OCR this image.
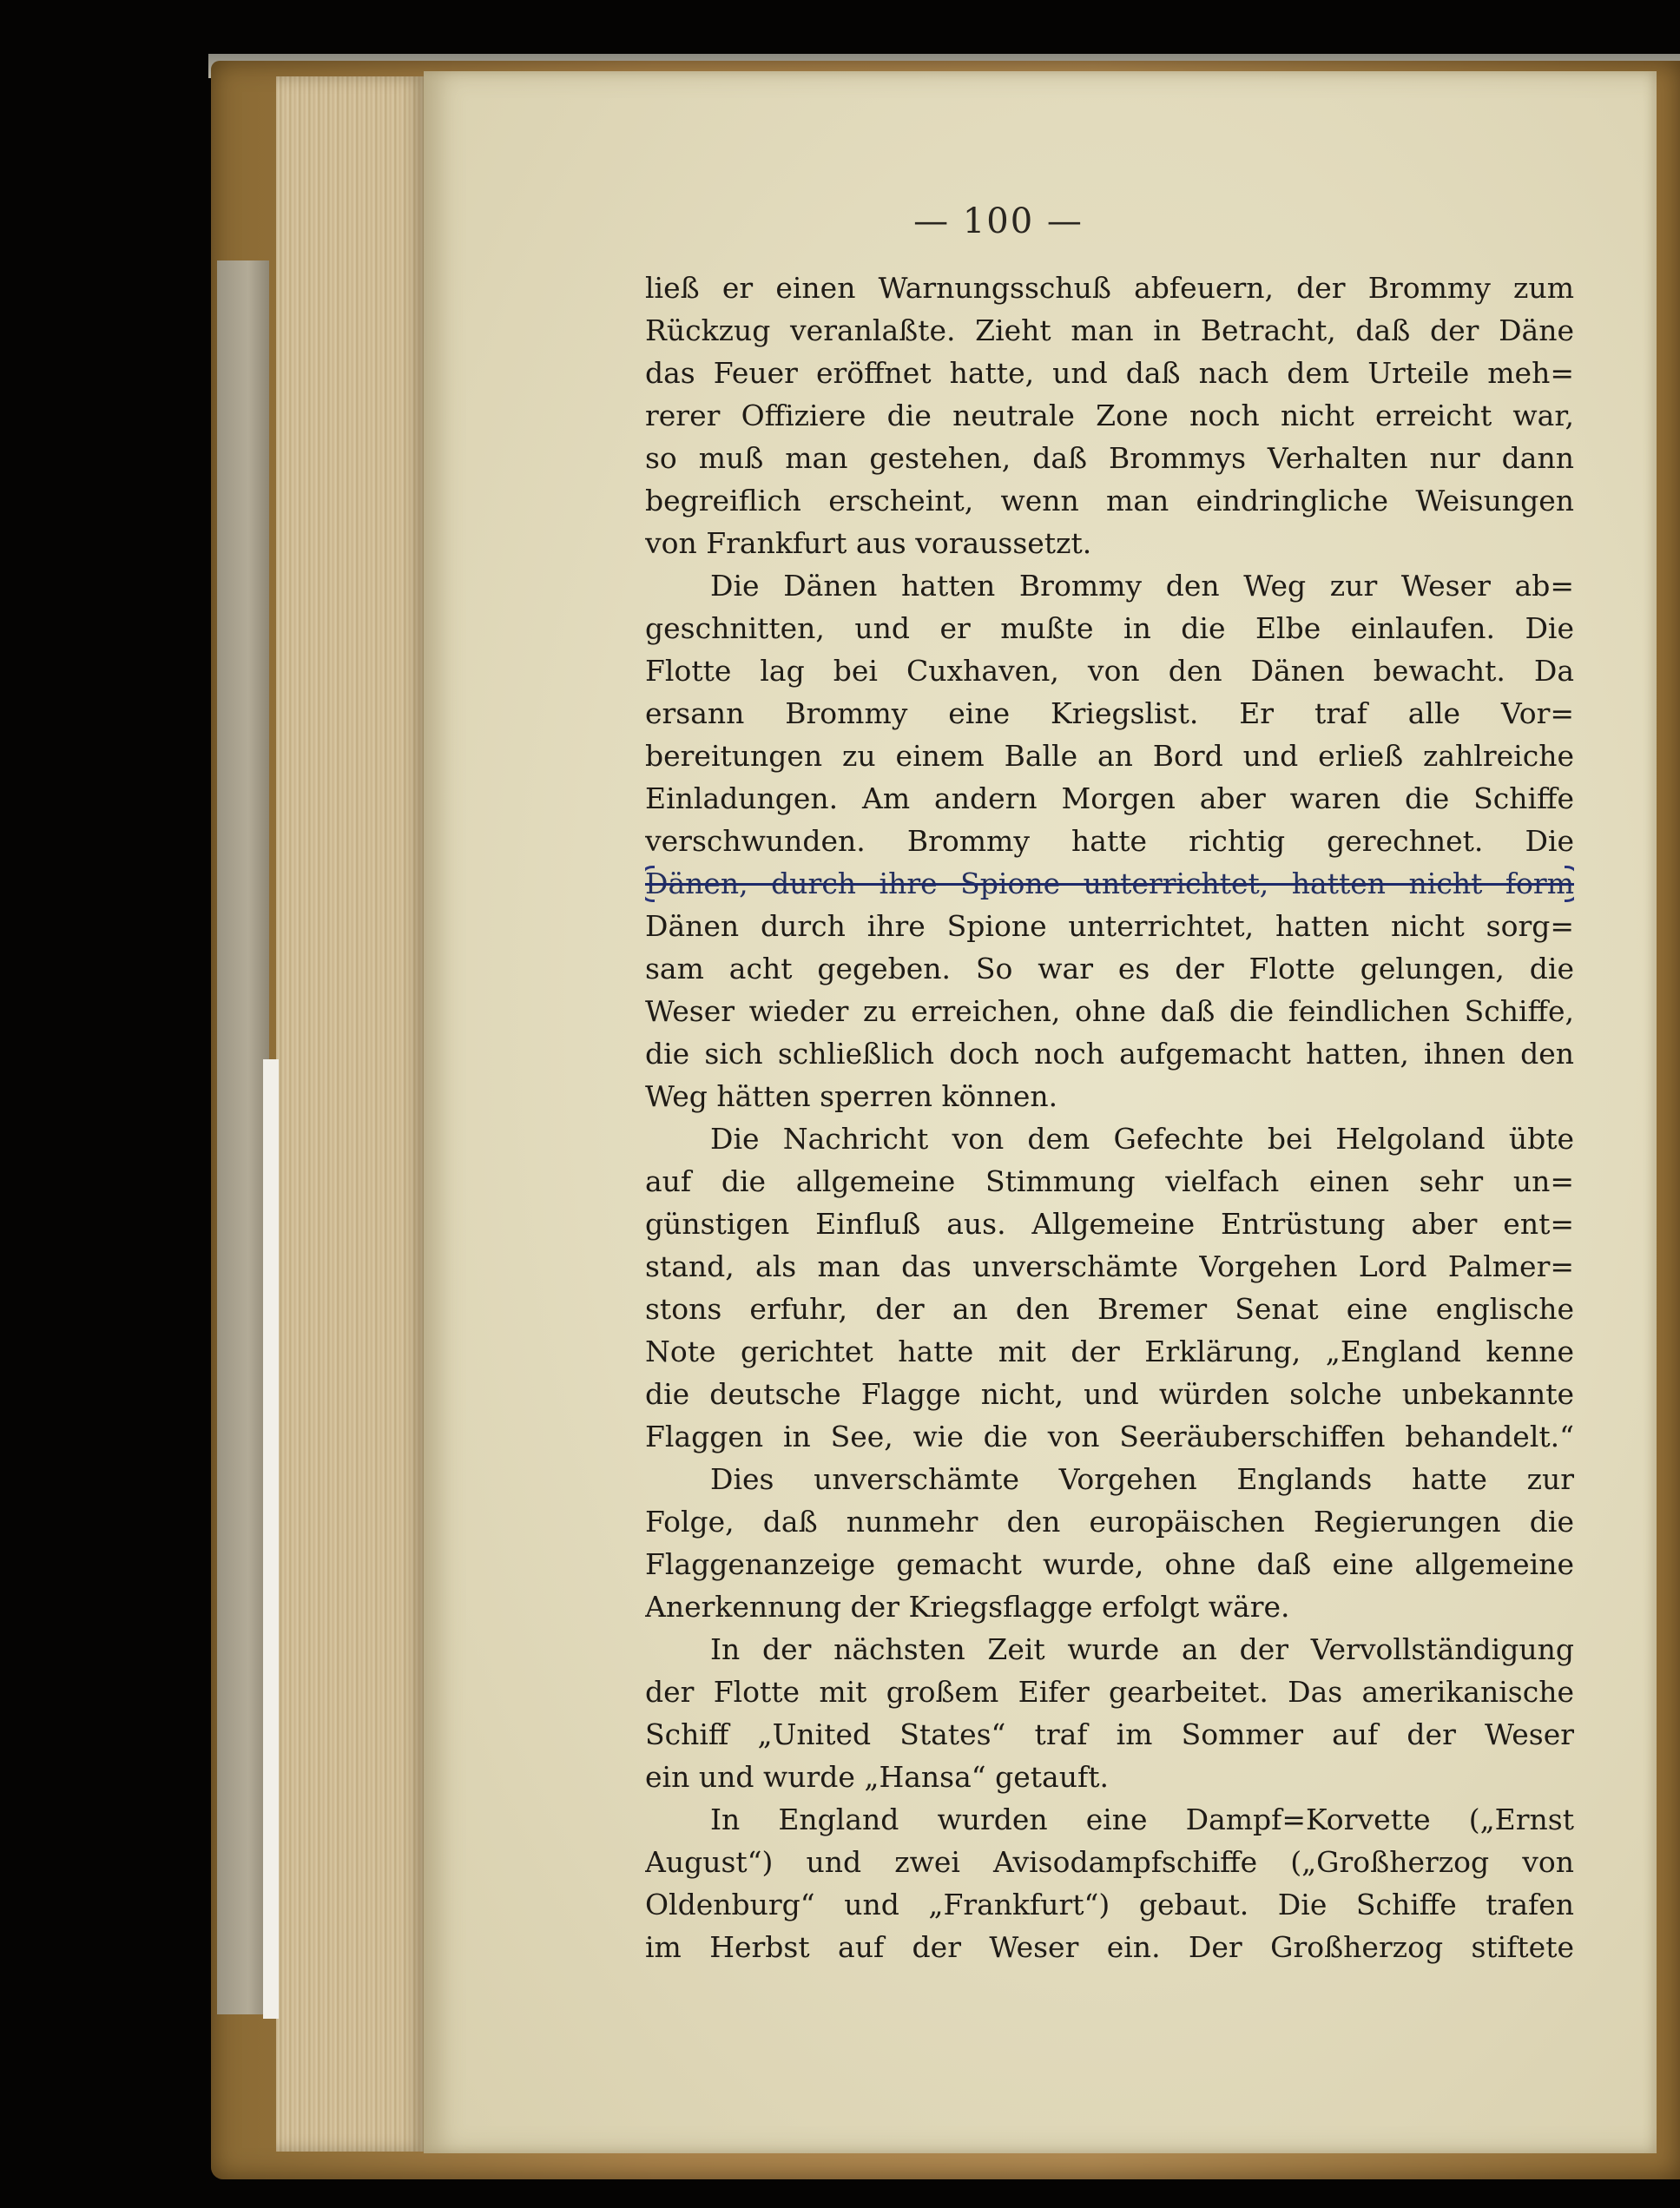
— 100 —
ließ er einen Warnungsschuß abfeuern, der Brommy zum
Rückzug veranlaßte. Zieht man in Betracht, daß der Däne
das Feuer eröffnet hatte, und daß nach dem Urteile meh=
rerer Offiziere die neutrale Zone noch nicht erreicht war,
so muß man gestehen, daß Brommys Verhalten nur dann
begreiflich erscheint, wenn man eindringliche Weisungen
von Frankfurt aus voraussetzt.
Die Dänen hatten Brommy den Weg zur Weser ab=
geschnitten, und er mußte in die Elbe einlaufen. Die
Flotte lag bei Cuxhaven, von den Dänen bewacht. Da
ersann Brommy eine Kriegslist. Er traf alle Vor=
bereitungen zu einem Balle an Bord und erließ zahlreiche
Einladungen. Am andern Morgen aber waren die Schiffe
verschwunden. Brommy hatte richtig gerechnet. Die
Dänen, durch ihre Spione unterrichtet, hatten nicht form
Dänen durch ihre Spione unterrichtet, hatten nicht sorg=
sam acht gegeben. So war es der Flotte gelungen, die
Weser wieder zu erreichen, ohne daß die feindlichen Schiffe,
die sich schließlich doch noch aufgemacht hatten, ihnen den
Weg hätten sperren können.
Die Nachricht von dem Gefechte bei Helgoland übte
auf die allgemeine Stimmung vielfach einen sehr un=
günstigen Einfluß aus. Allgemeine Entrüstung aber ent=
stand, als man das unverschämte Vorgehen Lord Palmer=
stons erfuhr, der an den Bremer Senat eine englische
Note gerichtet hatte mit der Erklärung, „England kenne
die deutsche Flagge nicht, und würden solche unbekannte
Flaggen in See, wie die von Seeräuberschiffen behandelt.“
Dies unverschämte Vorgehen Englands hatte zur
Folge, daß nunmehr den europäischen Regierungen die
Flaggenanzeige gemacht wurde, ohne daß eine allgemeine
Anerkennung der Kriegsflagge erfolgt wäre.
In der nächsten Zeit wurde an der Vervollständigung
der Flotte mit großem Eifer gearbeitet. Das amerikanische
Schiff „United States“ traf im Sommer auf der Weser
ein und wurde „Hansa“ getauft.
In England wurden eine Dampf=Korvette („Ernst
August“) und zwei Avisodampfschiffe („Großherzog von
Oldenburg“ und „Frankfurt“) gebaut. Die Schiffe trafen
im Herbst auf der Weser ein. Der Großherzog stiftete
